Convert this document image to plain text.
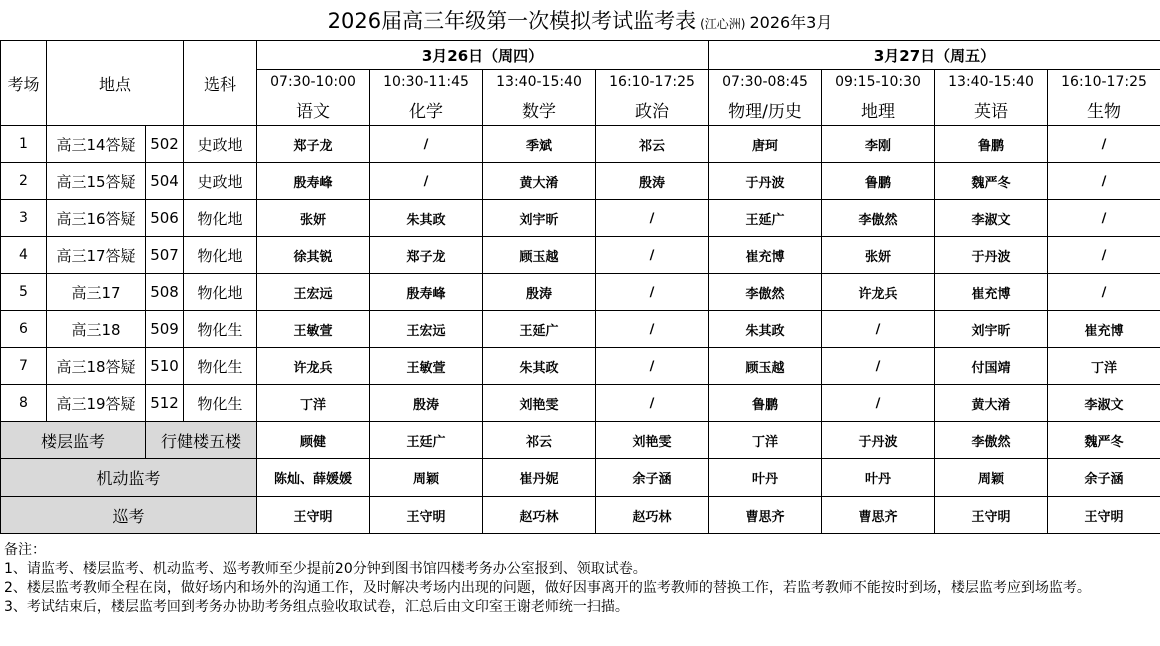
2026届高三年级第一次模拟考试监考表 (江心洲) 2026年3月
考场	地点		选科	3月26日（周四）				3月27日（周五）			
				07:30-10:00	10:30-11:45	13:40-15:40	16:10-17:25	07:30-08:45	09:15-10:30	13:40-15:40	16:10-17:25
				语文	化学	数学	政治	物理/历史	地理	英语	生物
1	高三14答疑	502	史政地	郑子龙	/	季斌	祁云	唐珂	李刚	鲁鹏	/
2	高三15答疑	504	史政地	殷寿峰	/	黄大淆	殷涛	于丹波	鲁鹏	魏严冬	/
3	高三16答疑	506	物化地	张妍	朱其政	刘宇昕	/	王延广	李傲然	李淑文	/
4	高三17答疑	507	物化地	徐其锐	郑子龙	顾玉越	/	崔充博	张妍	于丹波	/
5	高三17	508	物化地	王宏远	殷寿峰	殷涛	/	李傲然	许龙兵	崔充博	/
6	高三18	509	物化生	王敏萱	王宏远	王延广	/	朱其政	/	刘宇昕	崔充博
7	高三18答疑	510	物化生	许龙兵	王敏萱	朱其政	/	顾玉越	/	付国靖	丁洋
8	高三19答疑	512	物化生	丁洋	殷涛	刘艳雯	/	鲁鹏	/	黄大淆	李淑文
楼层监考		行健楼五楼		顾健	王廷广	祁云	刘艳雯	丁洋	于丹波	李傲然	魏严冬
机动监考				陈灿、薛媛媛	周颖	崔丹妮	余子涵	叶丹	叶丹	周颖	余子涵
巡考				王守明	王守明	赵巧林	赵巧林	曹思齐	曹思齐	王守明	王守明
备注：
1、请监考、楼层监考、机动监考、巡考教师至少提前20分钟到图书馆四楼考务办公室报到、领取试卷。
2、楼层监考教师全程在岗，做好场内和场外的沟通工作，及时解决考场内出现的问题，做好因事离开的监考教师的替换工作，若监考教师不能按时到场，楼层监考应到场监考。
3、考试结束后，楼层监考回到考务办协助考务组点验收取试卷，汇总后由文印室王谢老师统一扫描。
